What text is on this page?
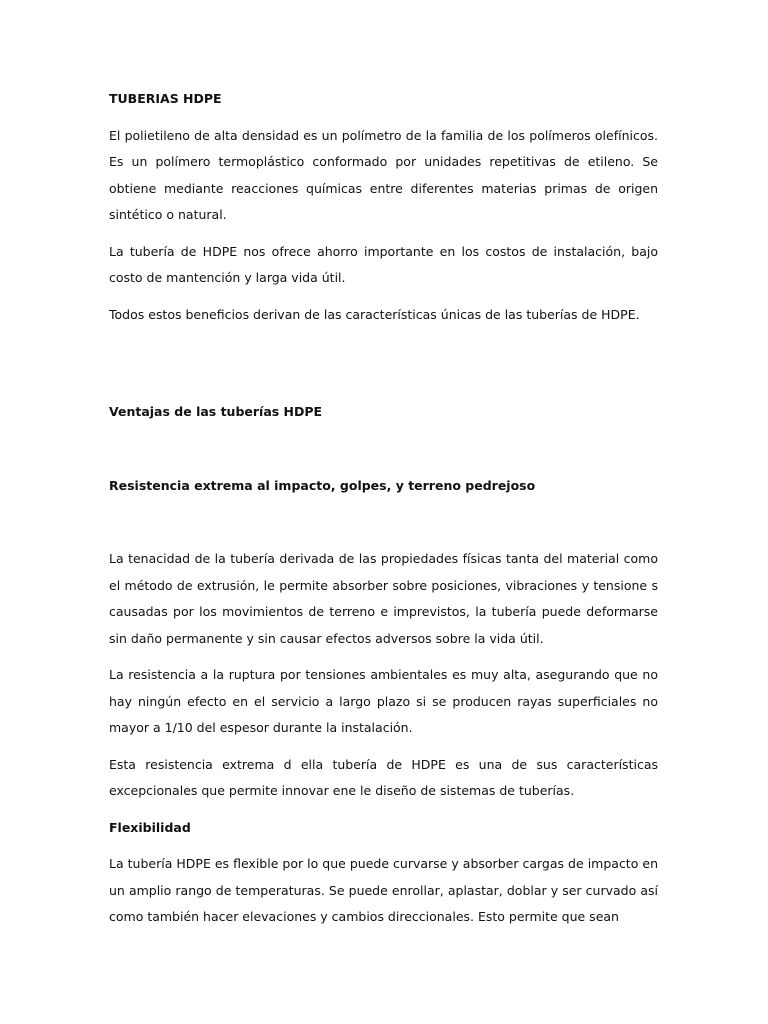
TUBERIAS HDPE

El polietileno de alta densidad es un polímetro de la familia de los polímeros olefínicos. Es un polímero termoplástico conformado por unidades repetitivas de etileno. Se obtiene mediante reacciones químicas entre diferentes materias primas de origen sintético o natural.

La tubería de HDPE nos ofrece ahorro importante en los costos de instalación, bajo costo de mantención y larga vida útil.

Todos estos beneficios derivan de las características únicas de las tuberías de HDPE.

Ventajas de las tuberías HDPE
Resistencia extrema al impacto, golpes, y terreno pedrejoso

La tenacidad de la tubería derivada de las propiedades físicas tanta del material como el método de extrusión, le permite absorber sobre posiciones, vibraciones y tensione s causadas por los movimientos de terreno e imprevistos, la tubería puede deformarse sin daño permanente y sin causar efectos adversos sobre la vida útil.

La resistencia a la ruptura por tensiones ambientales es muy alta, asegurando que no hay ningún efecto en el servicio a largo plazo si se producen rayas superficiales no mayor a 1/10 del espesor durante la instalación.

Esta resistencia extrema d ella tubería de HDPE es una de sus características excepcionales que permite innovar ene le diseño de sistemas de tuberías.

Flexibilidad

La tubería HDPE es flexible por lo que puede curvarse y absorber cargas de impacto en un amplio rango de temperaturas. Se puede enrollar, aplastar, doblar y ser curvado así como también hacer elevaciones y cambios direccionales. Esto permite que sean
